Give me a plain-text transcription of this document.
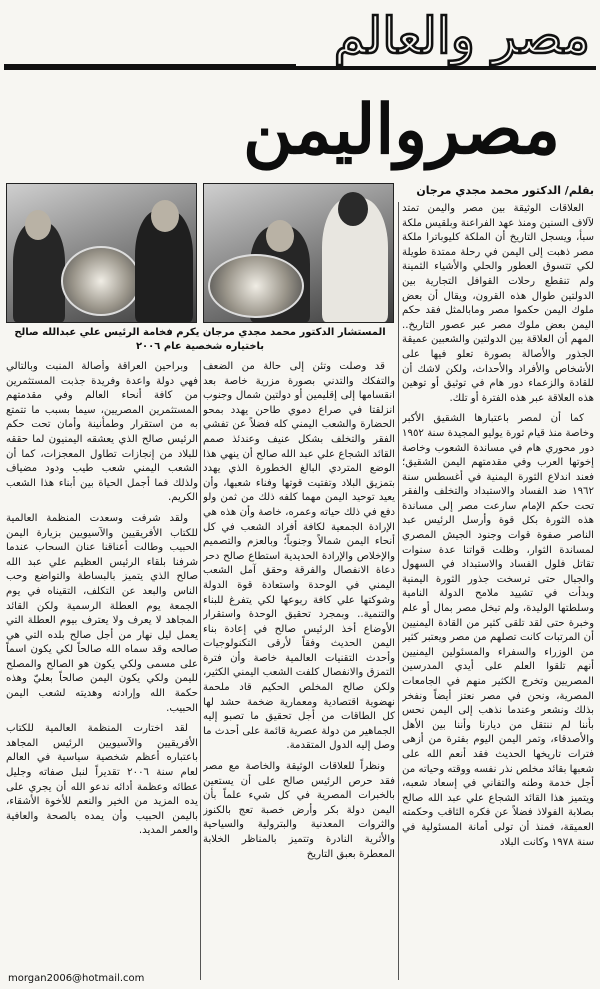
مصر والعالم
مصرواليمن
بقلم/ الدكتور محمد مجدي مرجان
المستشار الدكتور محمد مجدي مرجان يكرم فخامة الرئيس علي عبدالله صالح باختياره شخصية عام ٢٠٠٦

العلاقات الوثيقة بين مصر واليمن تمتد لآلاف السنين ومنذ عهد الفراعنة وبلقيس ملكة سبأ، ويسجل التاريخ أن الملكة كليوباترا ملكة مصر ذهبت إلى اليمن في رحلة ممتدة طويلة لكي تتسوق العطور والحلي والأشياء الثمينة ولم تنقطع رحلات القوافل التجارية بين الدولتين طوال هذه القرون، ويقال أن بعض ملوك اليمن حكموا مصر ومابالمثل فقد حكم اليمن بعض ملوك مصر عبر عصور التاريخ.. المهم أن العلاقة بين الدولتين والشعبين عميقة الجذور والأصالة بصورة تعلو فيها على الأشخاص والأفراد والأحداث، ولكن لاشك أن للقادة والزعماء دور هام في توثيق أو توهين هذه العلاقة عبر هذه الفترة أو تلك.

كما أن لمصر باعتبارها الشقيق الأكبر وخاصة منذ قيام ثورة يوليو المجيدة سنة ١٩٥٢ دور محوري هام في مساندة الشعوب وخاصة إخوتها العرب وفي مقدمتهم اليمن الشقيق؛ فعند اندلاع الثورة اليمنية في أغسطس سنة ١٩٦٢ ضد الفساد والاستبداد والتخلف والفقر تحت حكم الإمام سارعت مصر إلى مساندة هذه الثورة بكل قوة وأرسل الرئيس عبد الناصر صفوة قوات وجنود الجيش المصري لمساندة الثوار، وظلت قواتنا عدة سنوات تقاتل فلول الفساد والاستبداد في السهول والجبال حتى ترسخت جذور الثورة اليمنية وبدأت في تشييد ملامح الدولة النامية وسلطتها الوليدة، ولم تبخل مصر بمال أو علم وخبرة حتى لقد تلقى كثير من القادة اليمنيين أن المرتبات كانت تصلهم من مصر ويعتبر كثير من الوزراء والسفراء والمسئولين اليمنيين أنهم تلقوا العلم على أيدي المدرسين المصريين وتخرج الكثير منهم في الجامعات المصرية، ونحن في مصر نعتز أيضاً ونفخر بذلك ونشعر وعندما نذهب إلى اليمن نحس بأننا لم ننتقل من ديارنا وأننا بين الأهل والأصدقاء، وتمر اليمن اليوم بفترة من أزهى فترات تاريخها الحديث فقد أنعم الله على شعبها بقائد مخلص نذر نفسه ووقته وحياته من أجل خدمة وطنه والتفاني في إسعاد شعبه، ويتميز هذا القائد الشجاع علي عبد الله صالح بصلابة الفولاذ فضلاً عن فكره الثاقب وحكمته العميقة، فمنذ أن تولى أمانة المسئولية في سنة ١٩٧٨ وكانت البلاد

قد وصلت وتئن إلى حالة من الضعف والتفكك والتدني بصورة مزرية خاصة بعد انقسامها إلى إقليمين أو دولتين شمال وجنوب انزلقتا في صراع دموي طاحن يهدد بمحو الحضارة والشعب اليمني كله فضلاً عن تفشي الفقر والتخلف بشكل عنيف وعندئذ صمم القائد الشجاع علي عبد الله صالح أن ينهي هذا الوضع المتردي البالغ الخطورة الذي يهدد بتمزيق البلاد وتفتيت قوتها وفناء شعبها، وأن يعيد توحيد اليمن مهما كلفه ذلك من ثمن ولو دفع في ذلك حياته وعمره، خاصة وأن هذه هي الإرادة الجمعية لكافة أفراد الشعب في كل أنحاء اليمن شمالاً وجنوباً؛ وبالعزم والتصميم والإخلاص والإرادة الحديدية استطاع صالح دحر دعاة الانفصال والفرقة وحقق آمل الشعب اليمني في الوحدة واستعادة قوة الدولة وشوكتها علي كافة ربوعها لكي يتفرغ للبناء والتنمية.. وبمجرد تحقيق الوحدة واستقرار الأوضاع أخذ الرئيس صالح في إعادة بناء اليمن الحديث وفقاً لأرقى التكنولوجيات وأحدث التقنيات العالمية خاصة وأن فترة التمزق والانفصال كلفت الشعب اليمني الكثير، ولكن صالح المخلص الحكيم قاد ملحمة نهضوية اقتصادية ومعمارية ضخمة حشد لها كل الطاقات من أجل تحقيق ما تصبو إليه الجماهير من دولة عصرية قائمة على أحدث ما وصل إليه الدول المتقدمة.

ونظراً للعلاقات الوثيقة والخاصة مع مصر فقد حرص الرئيس صالح على أن يستعين بالخبرات المصرية في كل شيء علماً بأن اليمن دولة بكر وأرض خصبة تعج بالكنوز والثروات المعدنية والبترولية والسياحية والأثرية النادرة وتتميز بالمناظر الخلابة المعطرة بعبق التاريخ

وبراحين العراقة وأصالة المنبت وبالتالي فهي دولة واعدة وفريدة جذبت المستثمرين من كافة أنحاء العالم وفي مقدمتهم المستثمرين المصريين، سيما بسبب ما تتمتع به من استقرار وطمأنينة وأمان تحت حكم الرئيس صالح الذي يعشقه اليمنيون لما حققه للبلاد من إنجازات تطاول المعجزات، كما أن الشعب اليمني شعب طيب ودود مضياف ولذلك فما أجمل الحياة بين أبناء هذا الشعب الكريم.

ولقد شرفت وسعدت المنظمة العالمية للكتاب الأفريقيين والآسيويين بزيارة اليمن الحبيب وطالت أعناقنا عنان السحاب عندما شرفنا بلقاء الرئيس العظيم علي عبد الله صالح الذي يتميز بالبساطة والتواضع وحب الناس والبعد عن التكلف، التقيناه في يوم الجمعة يوم العطلة الرسمية ولكن القائد المجاهد لا يعرف ولا يعترف بيوم العطلة التي يعمل ليل نهار من أجل صالح بلده التي هي صالحه وقد سماه الله صالحاً لكي يكون اسماً على مسمى ولكي يكون هو الصالح والمصلح لليمن ولكي يكون اليمن صالحاً بعليّ وهذه حكمة الله وإرادته وهديته لشعب اليمن الحبيب.

لقد اختارت المنظمة العالمية للكتاب الأفريقيين والآسيويين الرئيس المجاهد باعتباره أعظم شخصية سياسية في العالم لعام سنة ٢٠٠٦ تقديراً لنبل صفاته وجليل عطائه وعظمة أدائه ندعو الله أن يجري على يده المزيد من الخير والنعم للأخوة الأشقاء، باليمن الحبيب وأن يمده بالصحة والعافية والعمر المديد.

morgan2006@hotmail.com
